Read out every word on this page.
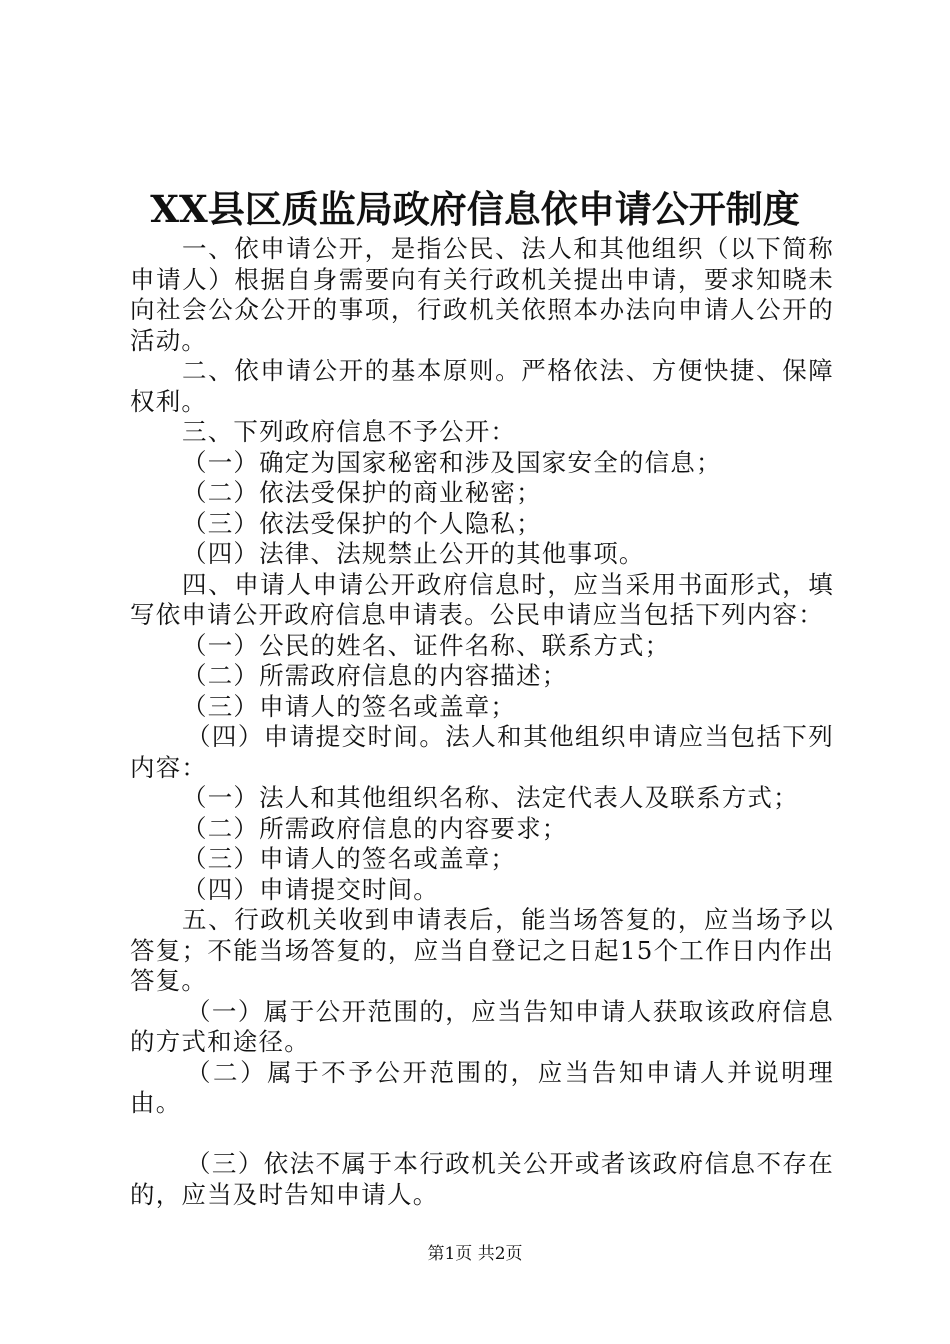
XX县区质监局政府信息依申请公开制度

一、依申请公开，是指公民、法人和其他组织（以下简称申请人）根据自身需要向有关行政机关提出申请，要求知晓未向社会公众公开的事项，行政机关依照本办法向申请人公开的活动。

二、依申请公开的基本原则。严格依法、方便快捷、保障权利。

三、下列政府信息不予公开：

（一）确定为国家秘密和涉及国家安全的信息；

（二）依法受保护的商业秘密；

（三）依法受保护的个人隐私；

（四）法律、法规禁止公开的其他事项。

四、申请人申请公开政府信息时，应当采用书面形式，填写依申请公开政府信息申请表。公民申请应当包括下列内容：

（一）公民的姓名、证件名称、联系方式；

（二）所需政府信息的内容描述；

（三）申请人的签名或盖章；

（四）申请提交时间。法人和其他组织申请应当包括下列内容：

（一）法人和其他组织名称、法定代表人及联系方式；

（二）所需政府信息的内容要求；

（三）申请人的签名或盖章；

（四）申请提交时间。

五、行政机关收到申请表后，能当场答复的，应当场予以答复；不能当场答复的，应当自登记之日起15个工作日内作出答复。

（一）属于公开范围的，应当告知申请人获取该政府信息的方式和途径。

（二）属于不予公开范围的，应当告知申请人并说明理由。

（三）依法不属于本行政机关公开或者该政府信息不存在的，应当及时告知申请人。

第1页 共2页
